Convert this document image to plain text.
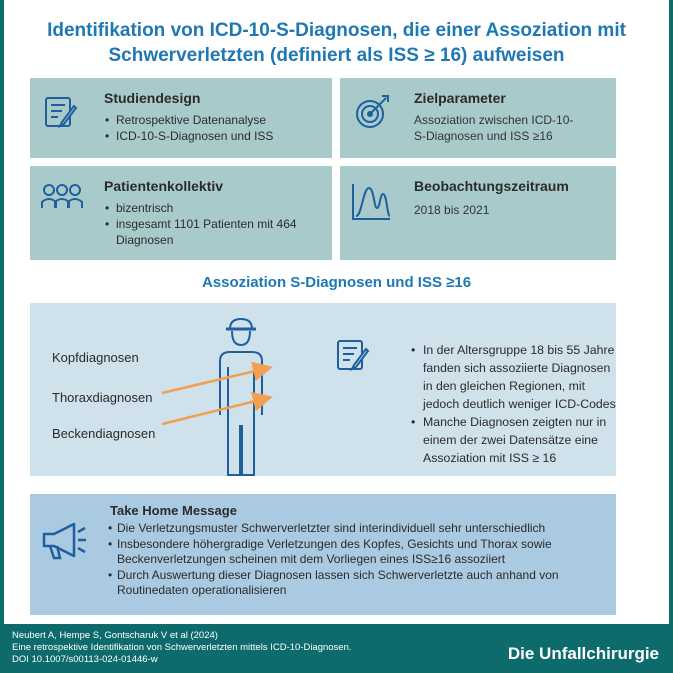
Identifikation von ICD-10-S-Diagnosen, die einer Assoziation mit
Schwerverletzten (definiert als ISS ≥ 16) aufweisen
Studiendesign
• Retrospektive Datenanalyse
• ICD-10-S-Diagnosen und ISS
Zielparameter
Assoziation zwischen ICD-10-
S-Diagnosen und ISS ≥16
Patientenkollektiv
• bizentrisch
• insgesamt 1101 Patienten mit 464 Diagnosen
Beobachtungszeitraum
2018 bis 2021
Assoziation S-Diagnosen und ISS ≥16
Kopfdiagnosen
Thoraxdiagnosen
Beckendiagnosen
• In der Altersgruppe 18 bis 55 Jahre fanden sich assoziierte Diagnosen in den gleichen Regionen, mit jedoch deutlich weniger ICD-Codes
• Manche Diagnosen zeigten nur in einem der zwei Datensätze eine Assoziation mit ISS ≥ 16
Take Home Message
• Die Verletzungsmuster Schwerverletzter sind interindividuell sehr unterschiedlich
• Insbesondere höhergradige Verletzungen des Kopfes, Gesichts und Thorax sowie Beckenverletzungen scheinen mit dem Vorliegen eines ISS≥16 assoziiert
• Durch Auswertung dieser Diagnosen lassen sich Schwerverletzte auch anhand von Routinedaten operationalisieren
Neubert A, Hempe S, Gontscharuk V et al (2024)
Eine retrospektive Identifikation von Schwerverletzten mittels ICD-10-Diagnosen.
DOI 10.1007/s00113-024-01446-w	Die Unfallchirurgie
